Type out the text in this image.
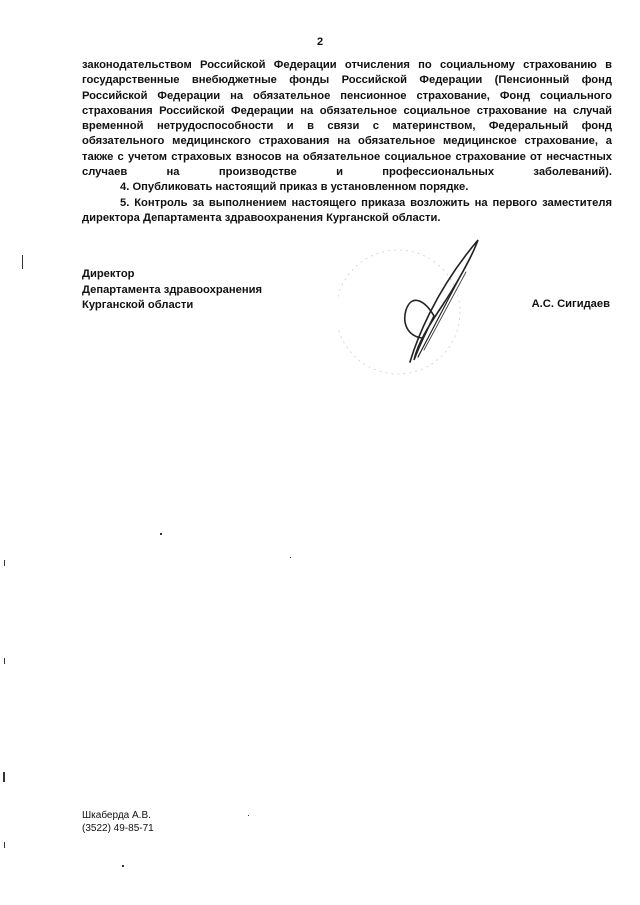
2

законодательством Российской Федерации отчисления по социальному страхованию в государственные внебюджетные фонды Российской Федерации (Пенсионный фонд Российской Федерации на обязательное пенсионное страхование, Фонд социального страхования Российской Федерации на обязательное социальное страхование на случай временной нетрудоспособности и в связи с материнством, Федеральный фонд обязательного медицинского страхования на обязательное медицинское страхование, а также с учетом страховых взносов на обязательное социальное страхование от несчастных случаев на производстве и профессиональных заболеваний).

4. Опубликовать настоящий приказ в установленном порядке.

5. Контроль за выполнением настоящего приказа возложить на первого заместителя директора Департамента здравоохранения Курганской области.

Директор
Департамента здравоохранения
Курганской области	А.С. Сигидаев
Шкаберда А.В.
(3522) 49-85-71
